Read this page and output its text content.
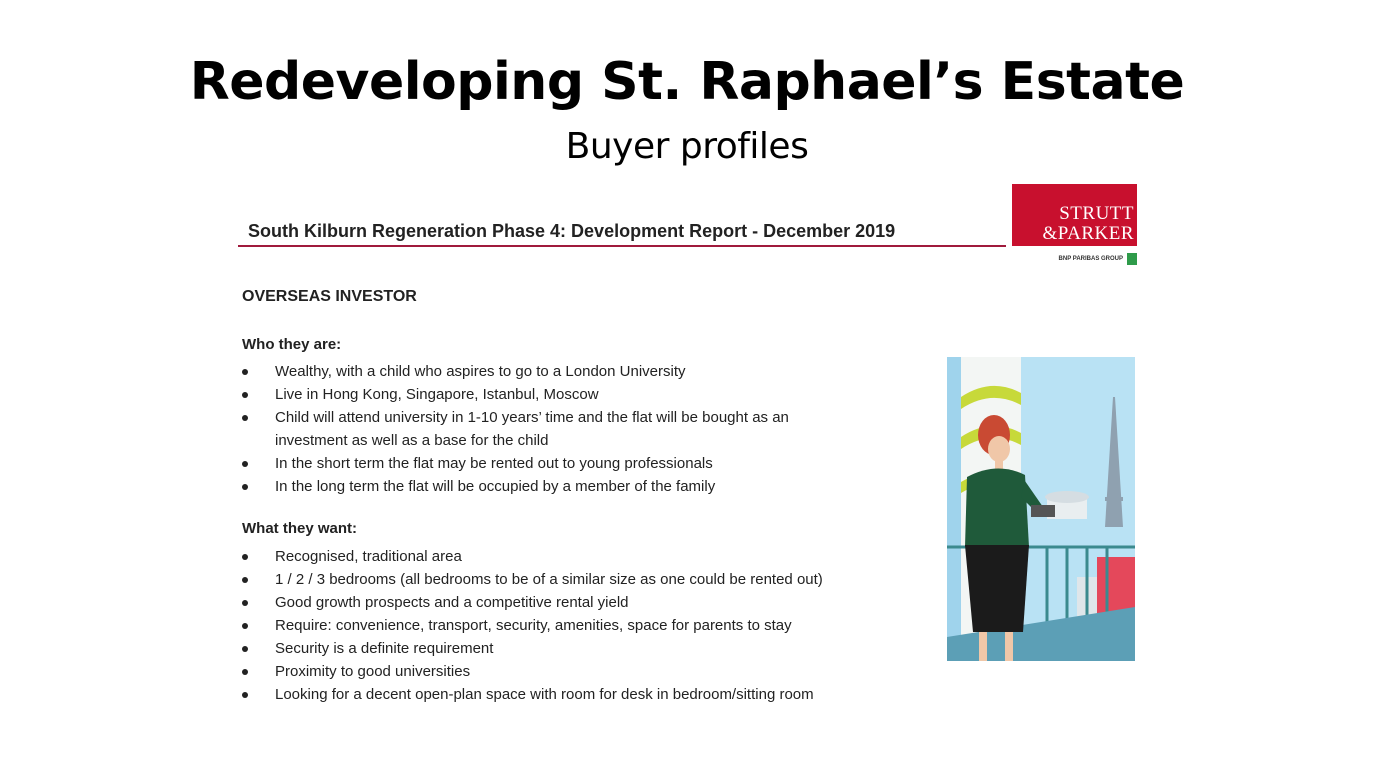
Redeveloping St. Raphael’s Estate
Buyer profiles
South Kilburn Regeneration Phase 4: Development Report - December 2019
STRUTT
&PARKER
BNP PARIBAS GROUP
OVERSEAS INVESTOR
Who they are:
Wealthy, with a child who aspires to go to a London University
Live in Hong Kong, Singapore, Istanbul, Moscow
Child will attend university in 1-10 years’ time and the flat will be bought as an investment as well as a base for the child
In the short term the flat may be rented out to young professionals
In the long term the flat will be occupied by a member of the family
What they want:
Recognised, traditional area
1 / 2 / 3 bedrooms (all bedrooms to be of a similar size as one could be rented out)
Good growth prospects and a competitive rental yield
Require: convenience, transport, security, amenities, space for parents to stay
Security is a definite requirement
Proximity to good universities
Looking for a decent open-plan space with room for desk in bedroom/sitting room
